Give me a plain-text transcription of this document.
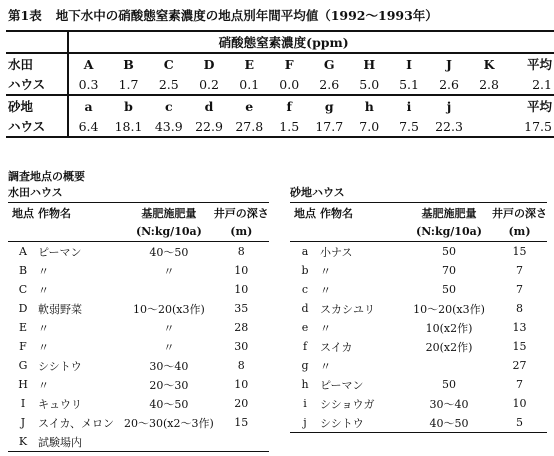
第1表 地下水中の硝酸態窒素濃度の地点別年間平均値（1992〜1993年）
	硝酸態窒素濃度(ppm)											
水田	A	B	C	D	E	F	G	H	I	J	K	平均
ハウス	0.3	1.7	2.5	0.2	0.1	0.0	2.6	5.0	5.1	2.6	2.8	2.1
砂地	a	b	c	d	e	f	g	h	i	j		平均
ハウス	6.4	18.1	43.9	22.9	27.8	1.5	17.7	7.0	7.5	22.3		17.5
調査地点の概要
水田ハウス
地点	作物名	基肥施肥量	井戸の深さ
		(N:kg/10a)	(m)
A	ピーマン	40〜50	8
B	〃	〃	10
C	〃		10
D	軟弱野菜	10〜20(x3作)	35
E	〃	〃	28
F	〃	〃	30
G	シシトウ	30〜40	8
H	〃	20〜30	10
I	キュウリ	40〜50	20
J	スイカ、メロン	20〜30(x2〜3作)	15
K	試験場内		
砂地ハウス
地点	作物名	基肥施肥量	井戸の深さ
		(N:kg/10a)	(m)
a	小ナス	50	15
b	〃	70	7
c	〃	50	7
d	スカシユリ	10〜20(x3作)	8
e	〃	10(x2作)	13
f	スイカ	20(x2作)	15
g	〃		27
h	ピーマン	50	7
i	シショウガ	30〜40	10
j	シシトウ	40〜50	5
